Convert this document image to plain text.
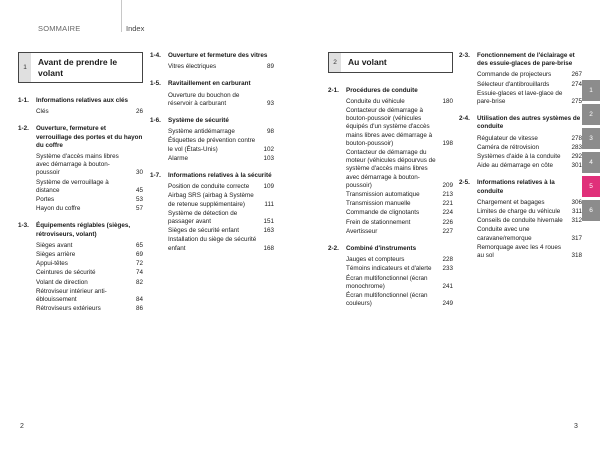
SOMMAIRE	Index
1
Avant de prendre le volant
1-1.	Informations relatives aux clés
Clés	26
1-2.	Ouverture, fermeture et verrouillage des portes et du hayon du coffre
Système d'accès mains libres avec démarrage à bouton-poussoir	30
Système de verrouillage à distance	45
Portes	53
Hayon du coffre	57
1-3.	Équipements réglables (sièges, rétroviseurs, volant)
Sièges avant	65
Sièges arrière	69
Appui-têtes	72
Ceintures de sécurité	74
Volant de direction	82
Rétroviseur intérieur anti-éblouissement	84
Rétroviseurs extérieurs	86
1-4.	Ouverture et fermeture des vitres
Vitres électriques	89
1-5.	Ravitaillement en carburant
Ouverture du bouchon de réservoir à carburant	93
1-6.	Système de sécurité
Système antidémarrage	98
Étiquettes de prévention contre le vol (États-Unis)	102
Alarme	103
1-7.	Informations relatives à la sécurité
Position de conduite correcte	109
Airbag SRS (airbag à Système de retenue supplémentaire)	111
Système de détection de passager avant	151
Sièges de sécurité enfant	163
Installation du siège de sécurité enfant	168
2	Au volant
2-1.	Procédures de conduite
Conduite du véhicule	180
Contacteur de démarrage à bouton-poussoir (véhicules équipés d'un système d'accès mains libres avec démarrage à bouton-poussoir)	198
Contacteur de démarrage du moteur (véhicules dépourvus de système d'accès mains libres avec démarrage à bouton-poussoir)	209
Transmission automatique	213
Transmission manuelle	221
Commande de clignotants	224
Frein de stationnement	226
Avertisseur	227
2-2.	Combiné d'instruments
Jauges et compteurs	228
Témoins indicateurs et d'alerte	233
Écran multifonctionnel (écran monochrome)	241
Écran multifonctionnel (écran couleurs)	249
2-3.	Fonctionnement de l'éclairage et des essuie-glaces de pare-brise
Commande de projecteurs	267
Sélecteur d'antibrouillards	274
Essuie-glaces et lave-glace de pare-brise	275
2-4.	Utilisation des autres systèmes de conduite
Régulateur de vitesse	278
Caméra de rétrovision	283
Systèmes d'aide à la conduite	292
Aide au démarrage en côte	301
2-5.	Informations relatives à la conduite
Chargement et bagages	306
Limites de charge du véhicule	311
Conseils de conduite hivernale	312
Conduite avec une caravane/remorque	317
Remorquage avec les 4 roues au sol	318
1
2
3
4
5
6
2	3
